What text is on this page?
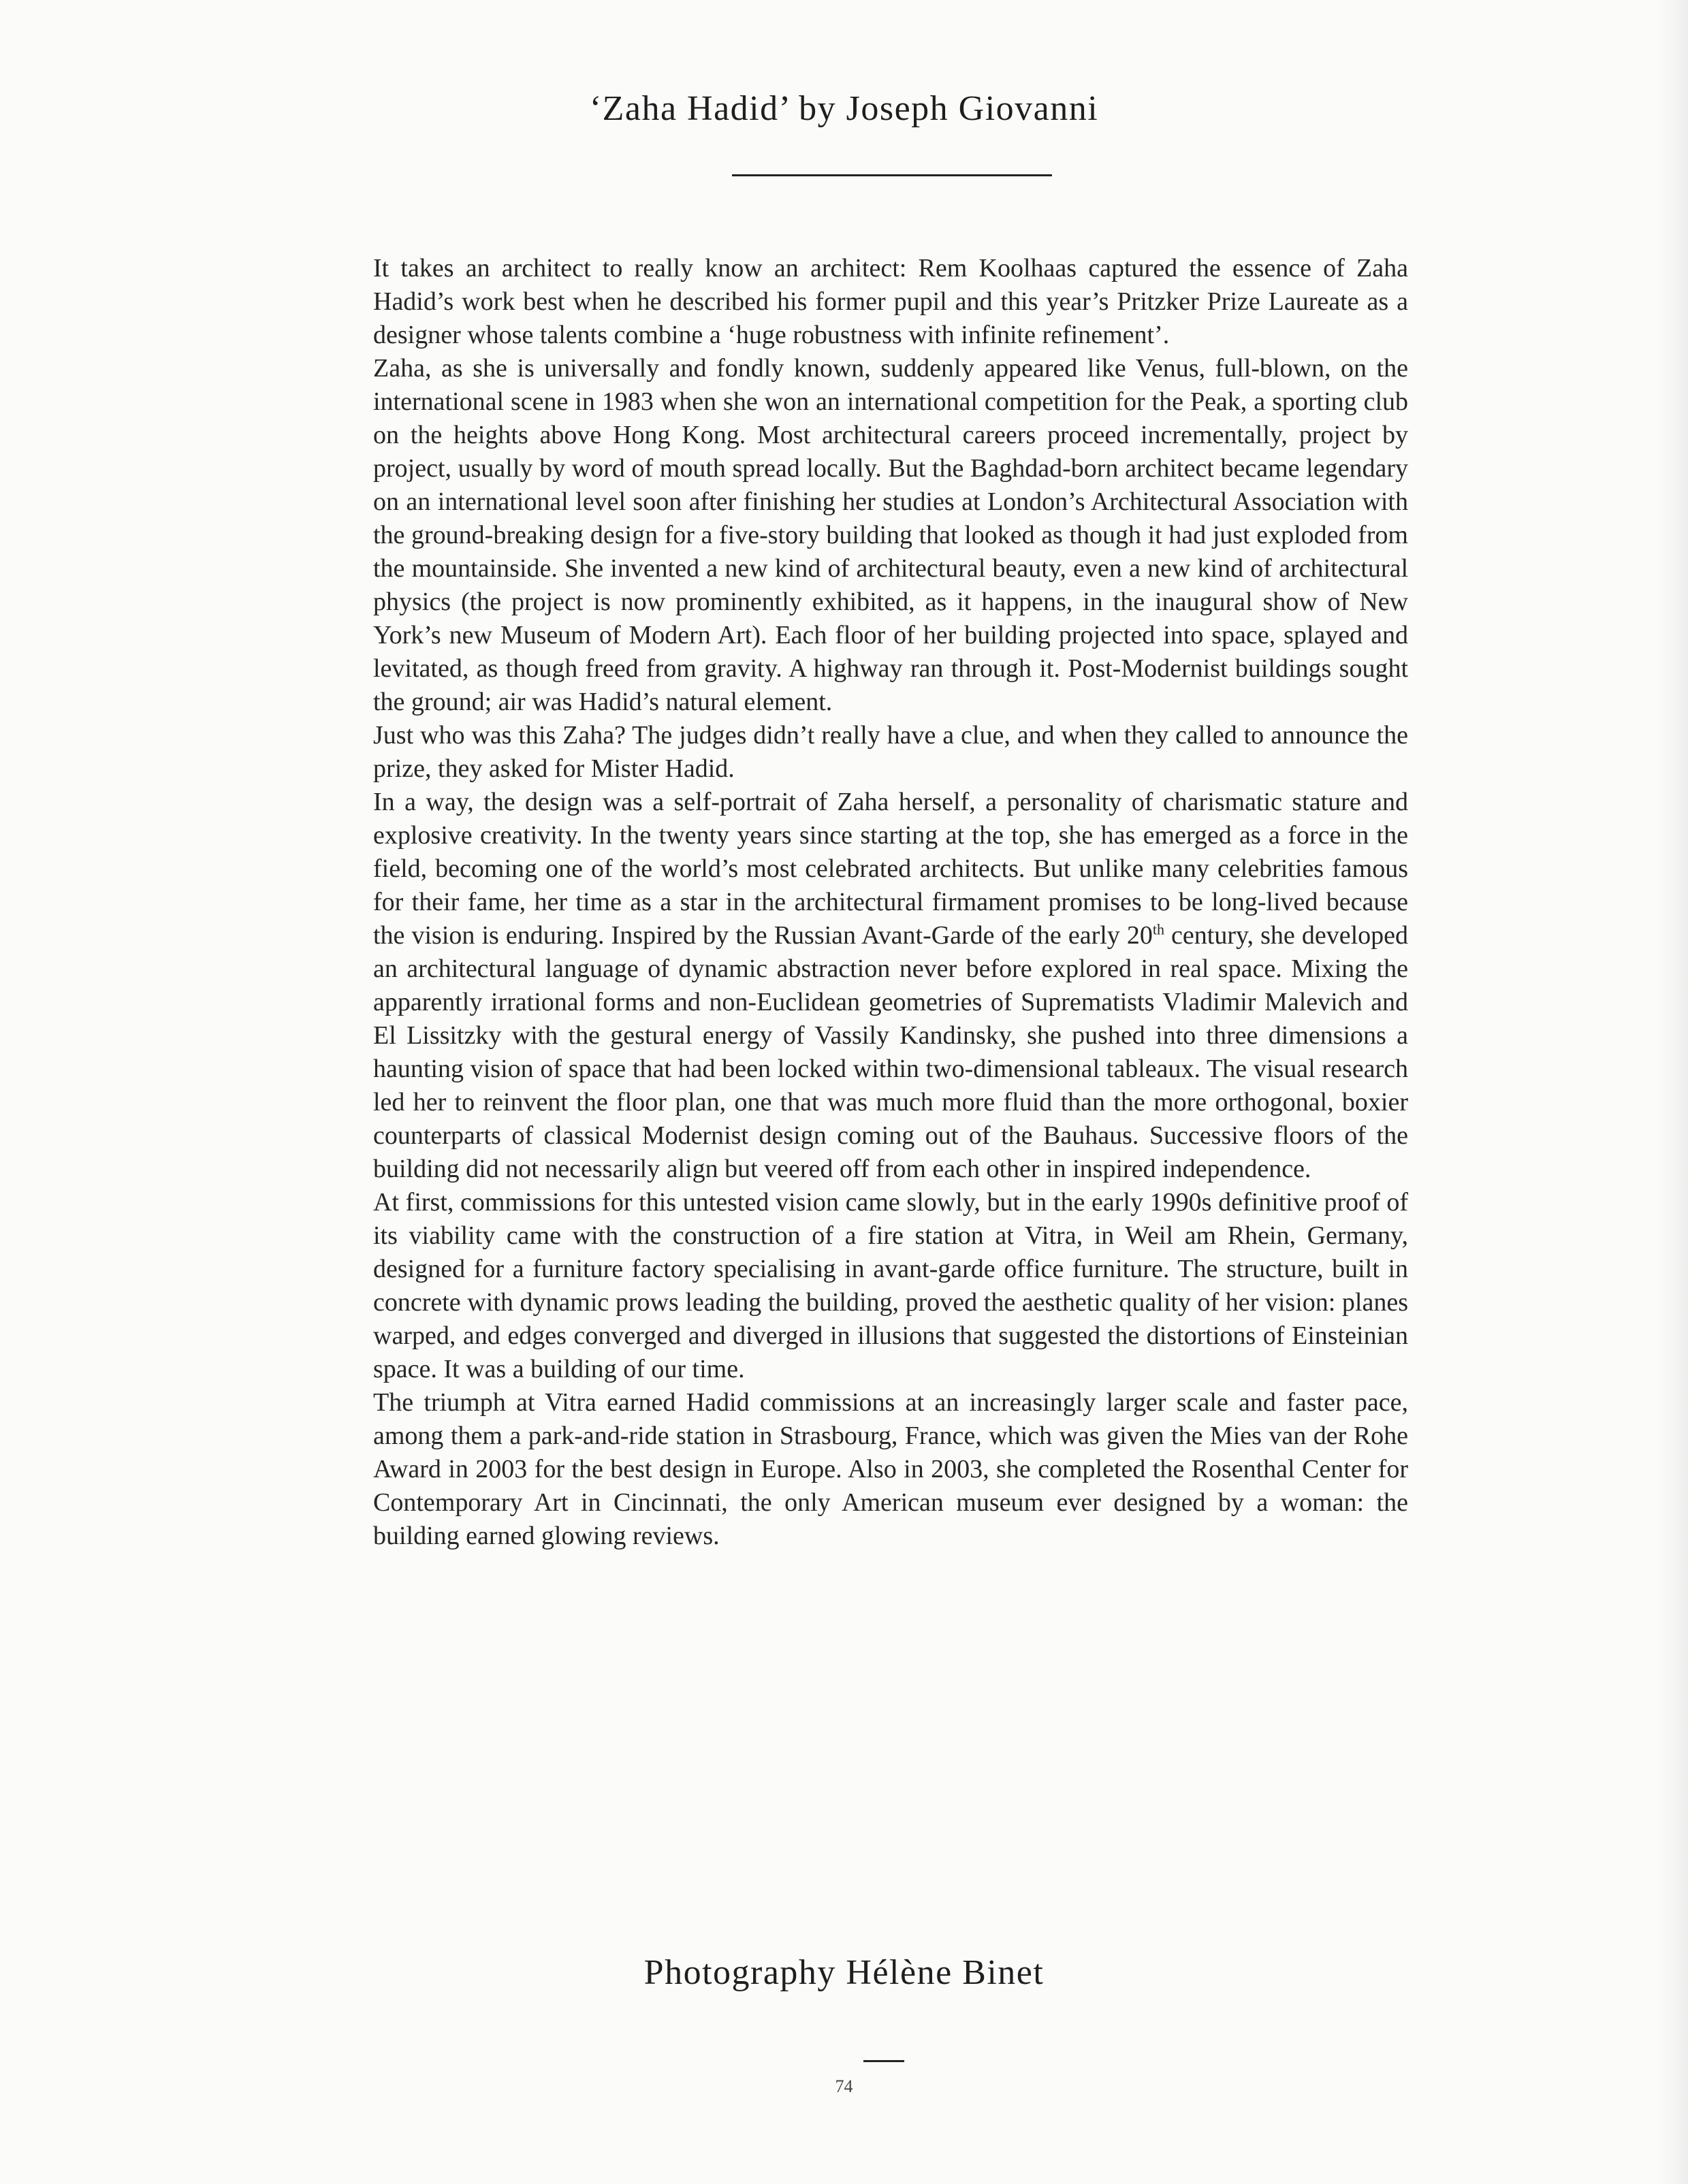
‘Zaha Hadid’ by Joseph Giovanni

It takes an architect to really know an architect: Rem Koolhaas captured the essence of Zaha Hadid’s work best when he described his former pupil and this year’s Pritzker Prize Laureate as a designer whose talents combine a ‘huge robustness with infinite refinement’.

Zaha, as she is universally and fondly known, suddenly appeared like Venus, full-blown, on the international scene in 1983 when she won an international competition for the Peak, a sporting club on the heights above Hong Kong. Most architectural careers proceed incrementally, project by project, usually by word of mouth spread locally. But the Baghdad-born architect became legendary on an international level soon after finishing her studies at London’s Architectural Association with the ground-breaking design for a five-story building that looked as though it had just exploded from the mountainside. She invented a new kind of architectural beauty, even a new kind of architectural physics (the project is now prominently exhibited, as it happens, in the inaugural show of New York’s new Museum of Modern Art). Each floor of her building projected into space, splayed and levitated, as though freed from gravity. A highway ran through it. Post-Modernist buildings sought the ground; air was Hadid’s natural element.

Just who was this Zaha? The judges didn’t really have a clue, and when they called to announce the prize, they asked for Mister Hadid.

In a way, the design was a self-portrait of Zaha herself, a personality of charismatic stature and explosive creativity. In the twenty years since starting at the top, she has emerged as a force in the field, becoming one of the world’s most celebrated architects. But unlike many celebrities famous for their fame, her time as a star in the architectural firmament promises to be long-lived because the vision is enduring. Inspired by the Russian Avant-Garde of the early 20th century, she developed an architectural language of dynamic abstraction never before explored in real space. Mixing the apparently irrational forms and non-Euclidean geometries of Suprematists Vladimir Malevich and El Lissitzky with the gestural energy of Vassily Kandinsky, she pushed into three dimensions a haunting vision of space that had been locked within two-dimensional tableaux. The visual research led her to reinvent the floor plan, one that was much more fluid than the more orthogonal, boxier counterparts of classical Modernist design coming out of the Bauhaus. Successive floors of the building did not necessarily align but veered off from each other in inspired independence.

At first, commissions for this untested vision came slowly, but in the early 1990s definitive proof of its viability came with the construction of a fire station at Vitra, in Weil am Rhein, Germany, designed for a furniture factory specialising in avant-garde office furniture. The structure, built in concrete with dynamic prows leading the building, proved the aesthetic quality of her vision: planes warped, and edges converged and diverged in illusions that suggested the distortions of Einsteinian space. It was a building of our time.

The triumph at Vitra earned Hadid commissions at an increasingly larger scale and faster pace, among them a park-and-ride station in Strasbourg, France, which was given the Mies van der Rohe Award in 2003 for the best design in Europe. Also in 2003, she completed the Rosenthal Center for Contemporary Art in Cincinnati, the only American museum ever designed by a woman: the building earned glowing reviews.

Photography Hélène Binet
74
